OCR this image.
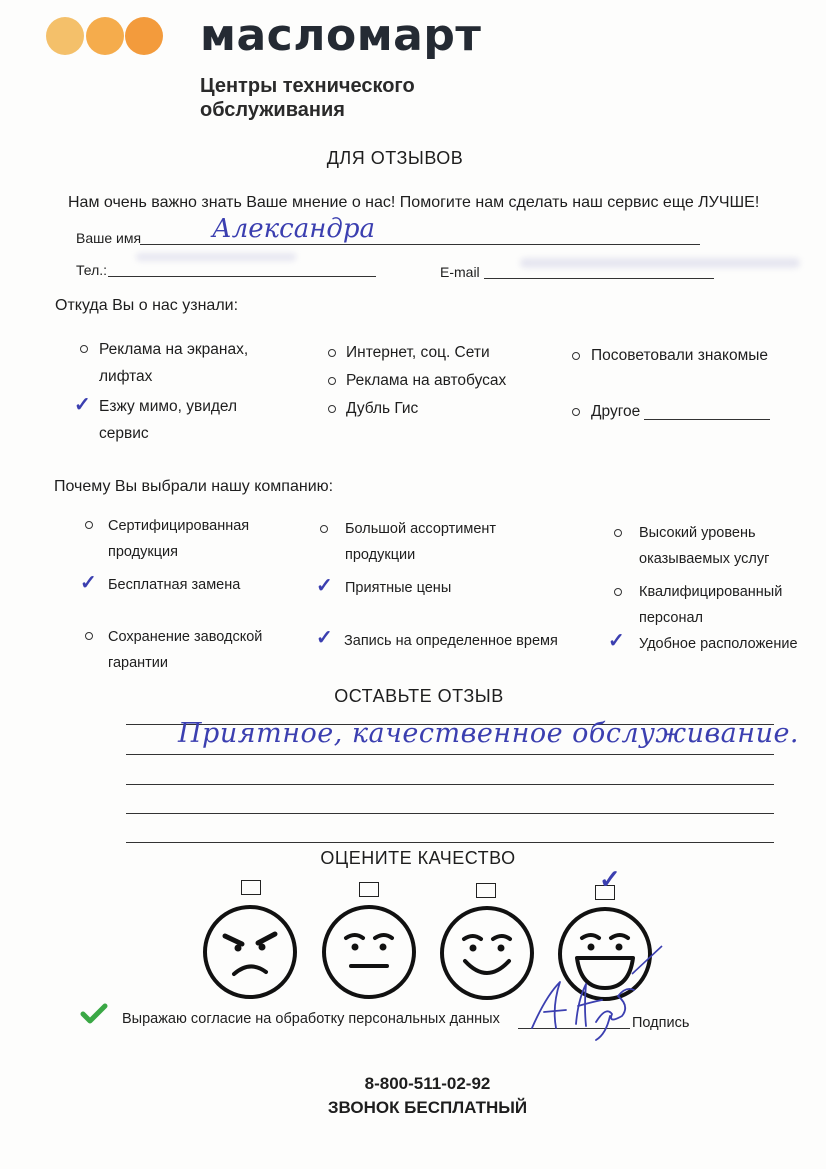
масломарт
Центры технического
обслуживания
ДЛЯ ОТЗЫВОВ
Нам очень важно знать Ваше мнение о нас! Помогите нам сделать наш сервис еще ЛУЧШЕ!
Ваше имя	Александра
Тел.:	E-mail
Откуда Вы о нас узнали:
Реклама на экранах,
лифтах
✓ Езжу мимо, увидел
сервис
Интернет, соц. Сети
Реклама на автобусах
Дубль Гис
Посоветовали знакомые
Другое
Почему Вы выбрали нашу компанию:
Сертифицированная
продукция
✓ Бесплатная замена
Сохранение заводской
гарантии
Большой ассортимент
продукции
✓ Приятные цены
✓ Запись на определенное время
Высокий уровень
оказываемых услуг
Квалифицированный
персонал
✓ Удобное расположение
ОСТАВЬТЕ ОТЗЫВ
Приятное, качественное обслуживание.
ОЦЕНИТЕ КАЧЕСТВО
✓
Выражаю согласие на обработку персональных данных	Подпись
8-800-511-02-92
ЗВОНОК БЕСПЛАТНЫЙ
